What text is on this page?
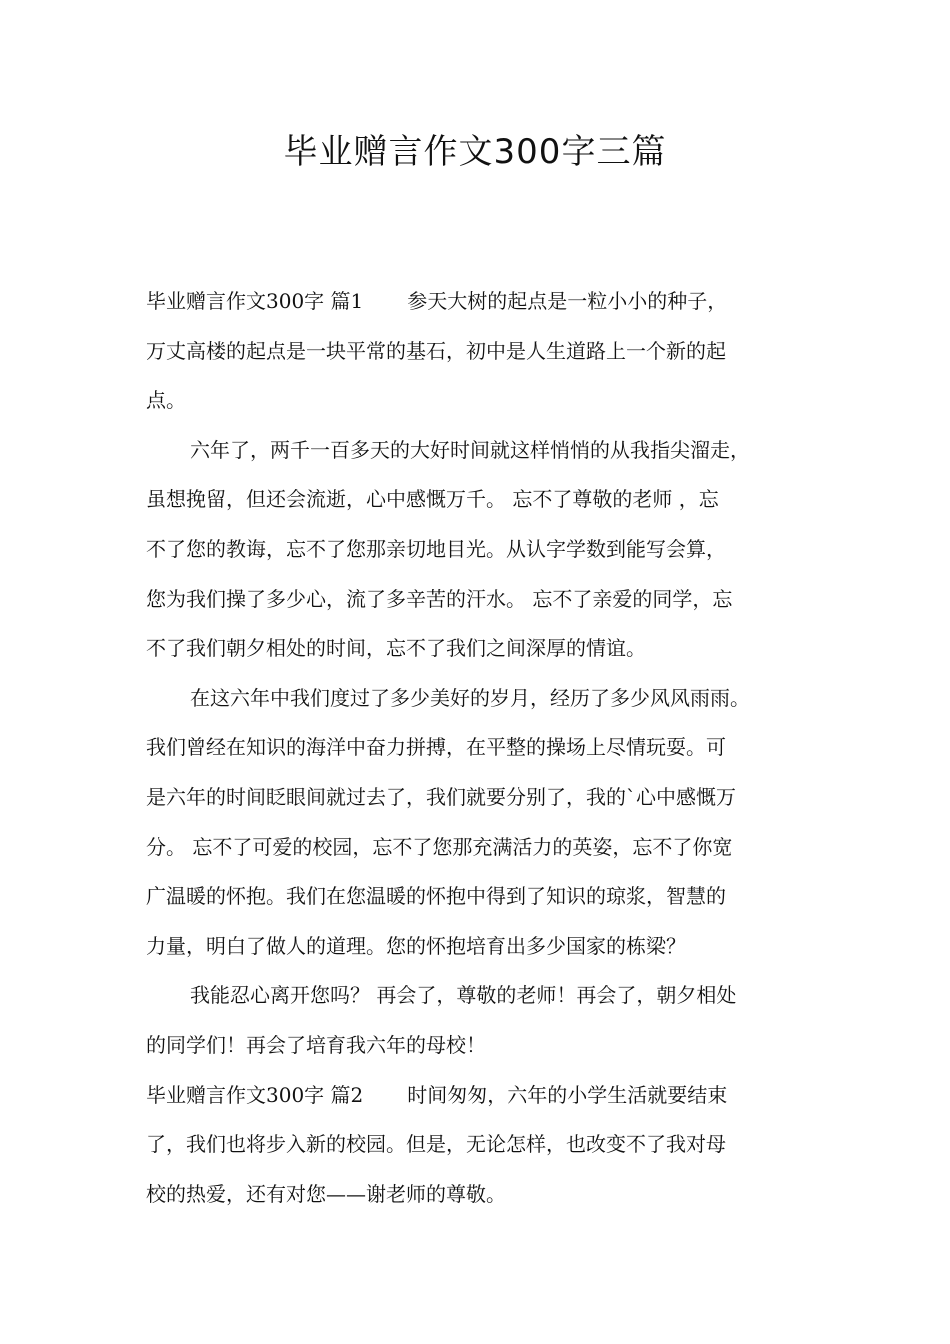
毕业赠言作文300字三篇
毕业赠言作文300字 篇1 参天大树的起点是一粒小小的种子，
万丈高楼的起点是一块平常的基石，初中是人生道路上一个新的起
点。
六年了，两千一百多天的大好时间就这样悄悄的从我指尖溜走，
虽想挽留，但还会流逝，心中感慨万千。 忘不了尊敬的老师 ，忘
不了您的教诲，忘不了您那亲切地目光。从认字学数到能写会算，
您为我们操了多少心，流了多辛苦的汗水。 忘不了亲爱的同学，忘
不了我们朝夕相处的时间，忘不了我们之间深厚的情谊。
在这六年中我们度过了多少美好的岁月，经历了多少风风雨雨。
我们曾经在知识的海洋中奋力拼搏，在平整的操场上尽情玩耍。可
是六年的时间眨眼间就过去了，我们就要分别了，我的`心中感慨万
分。 忘不了可爱的校园，忘不了您那充满活力的英姿，忘不了你宽
广温暖的怀抱。我们在您温暖的怀抱中得到了知识的琼浆，智慧的
力量，明白了做人的道理。您的怀抱培育出多少国家的栋梁？
我能忍心离开您吗？ 再会了，尊敬的老师！再会了，朝夕相处
的同学们！再会了培育我六年的母校！
毕业赠言作文300字 篇2 时间匆匆，六年的小学生活就要结束
了，我们也将步入新的校园。但是，无论怎样，也改变不了我对母
校的热爱，还有对您——谢老师的尊敬。
